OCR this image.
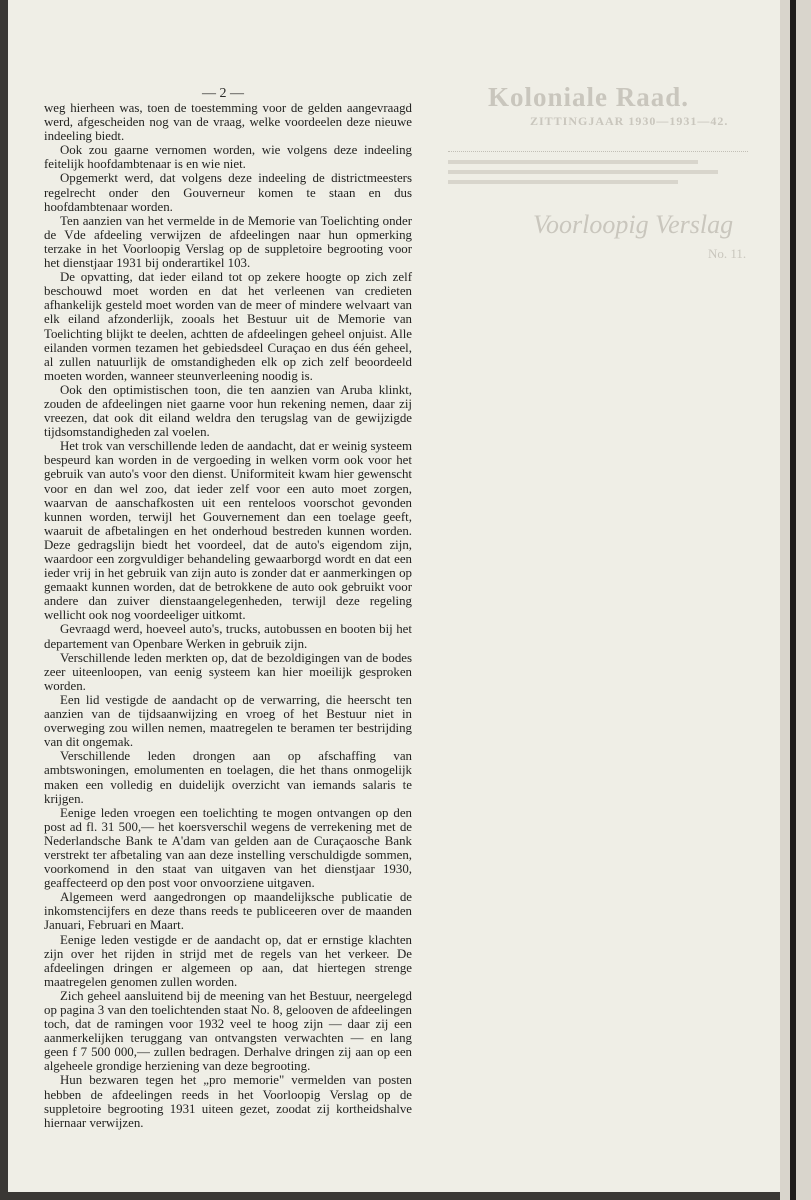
Koloniale Raad.
ZITTINGJAAR 1930—1931—42.
Voorloopig Verslag
No. 11.
— 2 —

weg hierheen was, toen de toestemming voor de gelden aangevraagd werd, afgescheiden nog van de vraag, welke voordeelen deze nieuwe indeeling biedt.

Ook zou gaarne vernomen worden, wie volgens deze indeeling feitelijk hoofdambtenaar is en wie niet.

Opgemerkt werd, dat volgens deze indeeling de districtmeesters regelrecht onder den Gouverneur komen te staan en dus hoofdambtenaar worden.

Ten aanzien van het vermelde in de Memorie van Toelichting onder de Vde afdeeling verwijzen de afdeelingen naar hun opmerking terzake in het Voorloopig Verslag op de suppletoire begrooting voor het dienstjaar 1931 bij onderartikel 103.

De opvatting, dat ieder eiland tot op zekere hoogte op zich zelf beschouwd moet worden en dat het verleenen van credieten afhankelijk gesteld moet worden van de meer of mindere welvaart van elk eiland afzonderlijk, zooals het Bestuur uit de Memorie van Toelichting blijkt te deelen, achtten de afdeelingen geheel onjuist. Alle eilanden vormen tezamen het gebiedsdeel Curaçao en dus één geheel, al zullen natuurlijk de omstandigheden elk op zich zelf beoordeeld moeten worden, wanneer steunverleening noodig is.

Ook den optimistischen toon, die ten aanzien van Aruba klinkt, zouden de afdeelingen niet gaarne voor hun rekening nemen, daar zij vreezen, dat ook dit eiland weldra den terugslag van de gewijzigde tijdsomstandigheden zal voelen.

Het trok van verschillende leden de aandacht, dat er weinig systeem bespeurd kan worden in de vergoeding in welken vorm ook voor het gebruik van auto's voor den dienst. Uniformiteit kwam hier gewenscht voor en dan wel zoo, dat ieder zelf voor een auto moet zorgen, waarvan de aanschafkosten uit een renteloos voorschot gevonden kunnen worden, terwijl het Gouvernement dan een toelage geeft, waaruit de afbetalingen en het onderhoud bestreden kunnen worden. Deze gedragslijn biedt het voordeel, dat de auto's eigendom zijn, waardoor een zorgvuldiger behandeling gewaarborgd wordt en dat een ieder vrij in het gebruik van zijn auto is zonder dat er aanmerkingen op gemaakt kunnen worden, dat de betrokkene de auto ook gebruikt voor andere dan zuiver dienstaangelegenheden, terwijl deze regeling wellicht ook nog voordeeliger uitkomt.

Gevraagd werd, hoeveel auto's, trucks, autobussen en booten bij het departement van Openbare Werken in gebruik zijn.

Verschillende leden merkten op, dat de bezoldigingen van de bodes zeer uiteenloopen, van eenig systeem kan hier moeilijk gesproken worden.

Een lid vestigde de aandacht op de verwarring, die heerscht ten aanzien van de tijdsaanwijzing en vroeg of het Bestuur niet in overweging zou willen nemen, maatregelen te beramen ter bestrijding van dit ongemak.

Verschillende leden drongen aan op afschaffing van ambtswoningen, emolumenten en toelagen, die het thans onmogelijk maken een volledig en duidelijk overzicht van iemands salaris te krijgen.

Eenige leden vroegen een toelichting te mogen ontvangen op den post ad fl. 31 500,— het koersverschil wegens de verrekening met de Nederlandsche Bank te A'dam van gelden aan de Curaçaosche Bank verstrekt ter afbetaling van aan deze instelling verschuldigde sommen, voorkomend in den staat van uitgaven van het dienstjaar 1930, geaffecteerd op den post voor onvoorziene uitgaven.

Algemeen werd aangedrongen op maandelijksche publicatie de inkomstencijfers en deze thans reeds te publiceeren over de maanden Januari, Februari en Maart.

Eenige leden vestigde er de aandacht op, dat er ernstige klachten zijn over het rijden in strijd met de regels van het verkeer. De afdeelingen dringen er algemeen op aan, dat hiertegen strenge maatregelen genomen zullen worden.

Zich geheel aansluitend bij de meening van het Bestuur, neergelegd op pagina 3 van den toelichtenden staat No. 8, gelooven de afdeelingen toch, dat de ramingen voor 1932 veel te hoog zijn — daar zij een aanmerkelijken teruggang van ontvangsten verwachten — en lang geen f 7 500 000,— zullen bedragen. Derhalve dringen zij aan op een algeheele grondige herziening van deze begrooting.

Hun bezwaren tegen het „pro memorie" vermelden van posten hebben de afdeelingen reeds in het Voorloopig Verslag op de suppletoire begrooting 1931 uiteen gezet, zoodat zij kortheidshalve hiernaar verwijzen.
